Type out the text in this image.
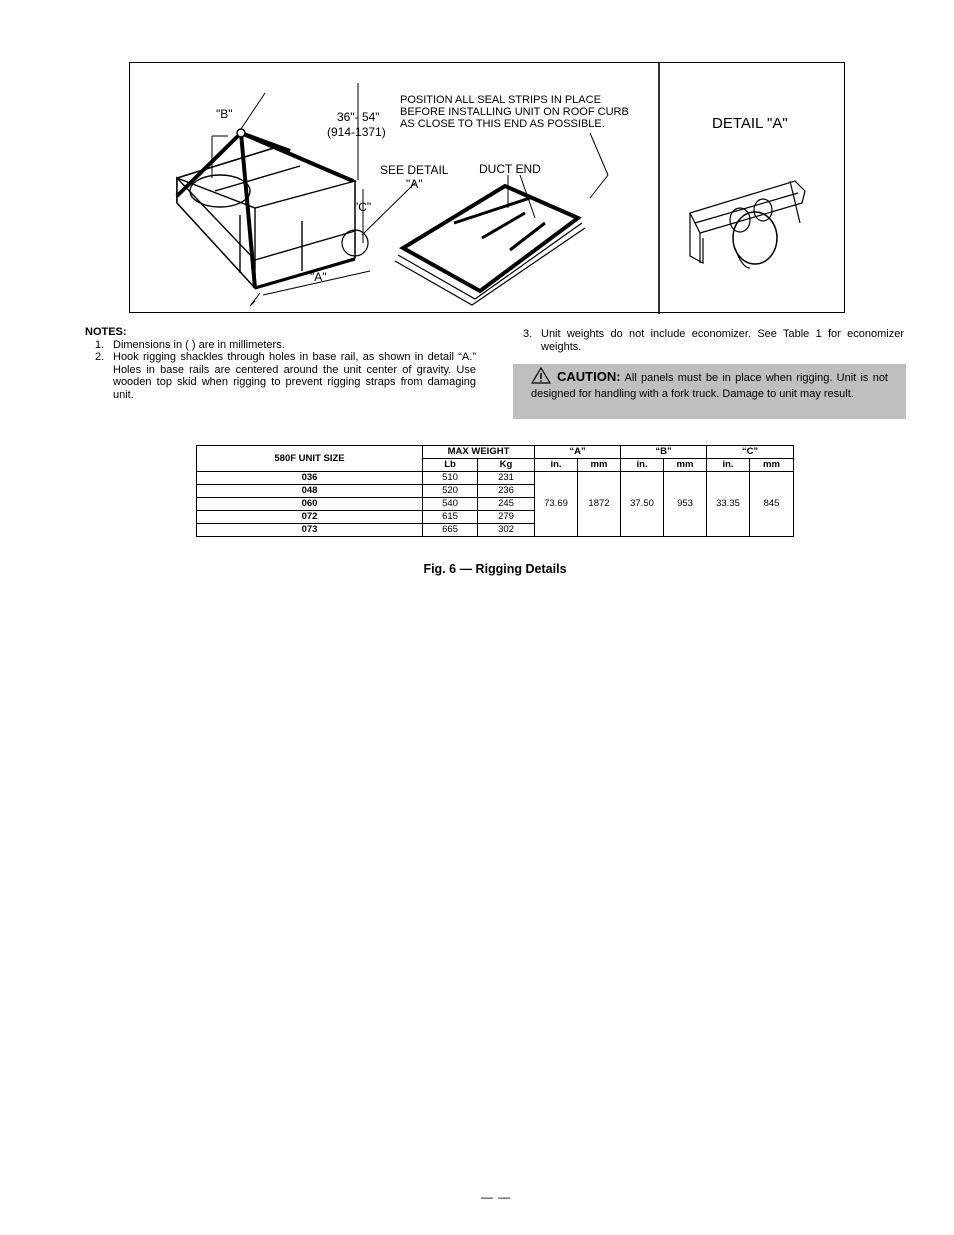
"B"	36"- 54"
(914-1371)
POSITION ALL SEAL STRIPS IN PLACE
BEFORE INSTALLING UNIT ON ROOF CURB
AS CLOSE TO THIS END AS POSSIBLE.
SEE DETAIL
"A"
DUCT END
"C"
"A"
DETAIL "A"
NOTES:
1. Dimensions in ( ) are in millimeters.
2. Hook rigging shackles through holes in base rail, as shown in detail “A.” Holes in base rails are centered around the unit center of gravity. Use wooden top skid when rigging to prevent rigging straps from damaging unit.
3. Unit weights do not include economizer. See Table 1 for economizer weights.
CAUTION: All panels must be in place when rigging. Unit is not designed for handling with a fork truck. Damage to unit may result.
580F UNIT SIZE	MAX WEIGHT		“A”		“B”		“C”	
	Lb	Kg	in.	mm	in.	mm	in.	mm
036	510	231	73.69	1872	37.50	953	33.35	845
048	520	236						
060	540	245						
072	615	279						
073	665	302						
Fig. 6 — Rigging Details
— —
